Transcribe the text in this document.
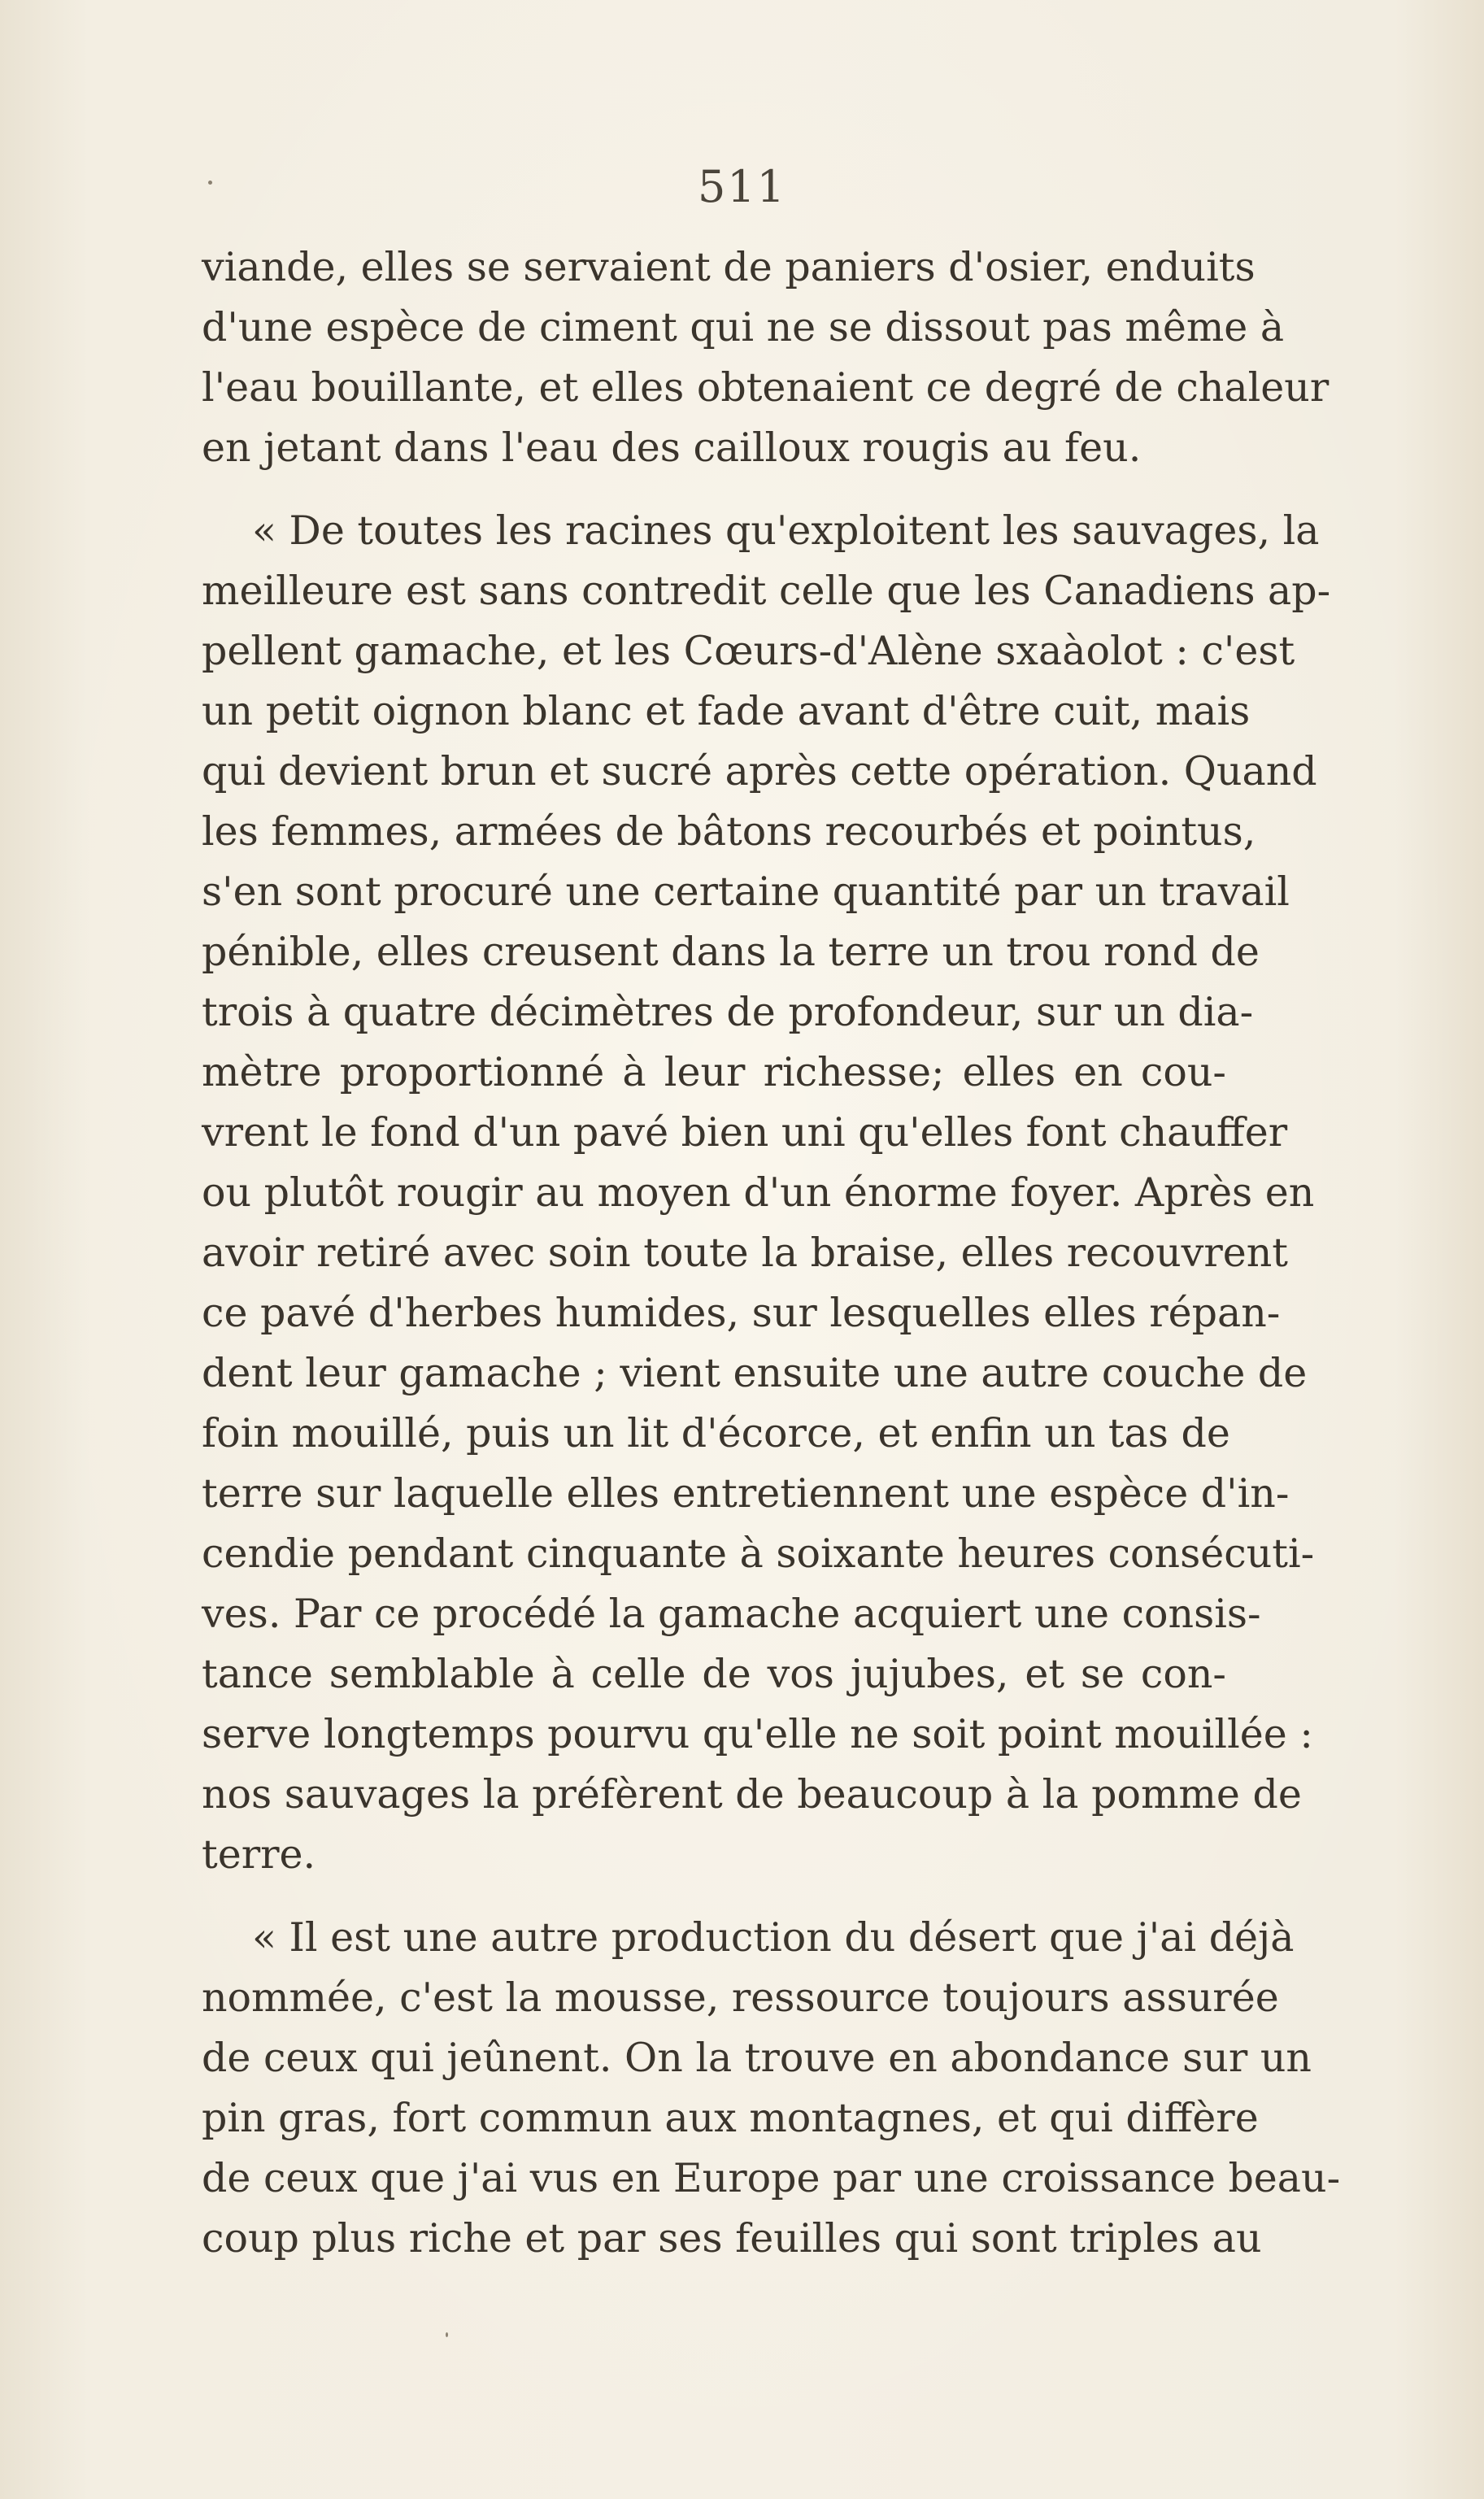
511
viande, elles se servaient de paniers d'osier, enduits
d'une espèce de ciment qui ne se dissout pas même à
l'eau bouillante, et elles obtenaient ce degré de chaleur
en jetant dans l'eau des cailloux rougis au feu.
« De toutes les racines qu'exploitent les sauvages, la
meilleure est sans contredit celle que les Canadiens ap-
pellent gamache, et les Cœurs-d'Alène sxaàolot : c'est
un petit oignon blanc et fade avant d'être cuit, mais
qui devient brun et sucré après cette opération. Quand
les femmes, armées de bâtons recourbés et pointus,
s'en sont procuré une certaine quantité par un travail
pénible, elles creusent dans la terre un trou rond de
trois à quatre décimètres de profondeur, sur un dia-
mètre proportionné à leur richesse; elles en cou-
vrent le fond d'un pavé bien uni qu'elles font chauffer
ou plutôt rougir au moyen d'un énorme foyer. Après en
avoir retiré avec soin toute la braise, elles recouvrent
ce pavé d'herbes humides, sur lesquelles elles répan-
dent leur gamache ; vient ensuite une autre couche de
foin mouillé, puis un lit d'écorce, et enfin un tas de
terre sur laquelle elles entretiennent une espèce d'in-
cendie pendant cinquante à soixante heures consécuti-
ves. Par ce procédé la gamache acquiert une consis-
tance semblable à celle de vos jujubes, et se con-
serve longtemps pourvu qu'elle ne soit point mouillée :
nos sauvages la préfèrent de beaucoup à la pomme de
terre.
« Il est une autre production du désert que j'ai déjà
nommée, c'est la mousse, ressource toujours assurée
de ceux qui jeûnent. On la trouve en abondance sur un
pin gras, fort commun aux montagnes, et qui diffère
de ceux que j'ai vus en Europe par une croissance beau-
coup plus riche et par ses feuilles qui sont triples au
